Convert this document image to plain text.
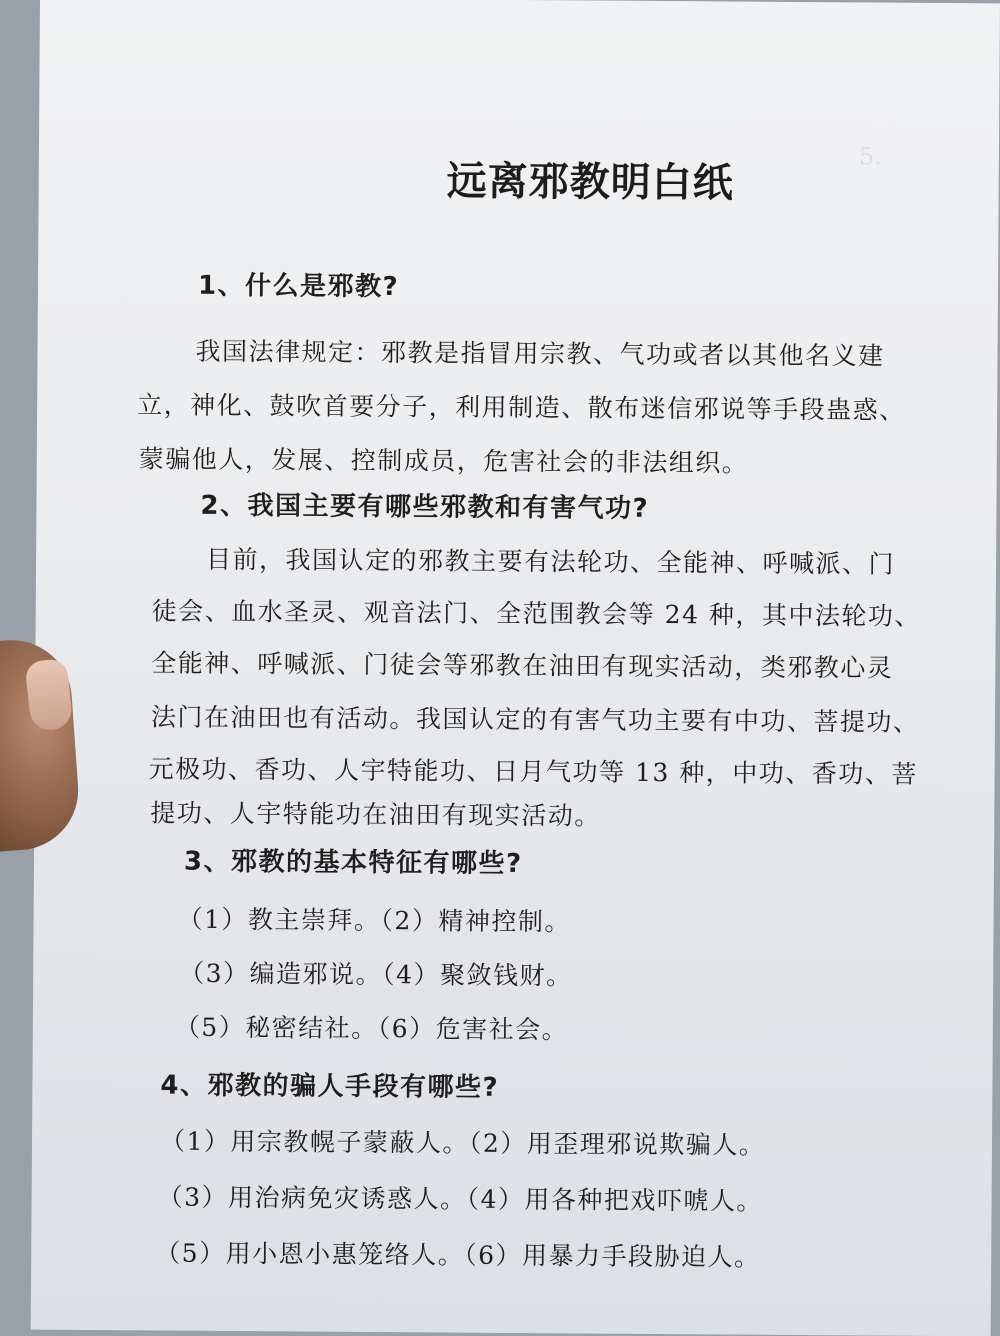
5.

远离邪教明白纸
1、什么是邪教?
我国法律规定：邪教是指冒用宗教、气功或者以其他名义建
立，神化、鼓吹首要分子，利用制造、散布迷信邪说等手段蛊惑、
蒙骗他人，发展、控制成员，危害社会的非法组织。
2、我国主要有哪些邪教和有害气功?
目前，我国认定的邪教主要有法轮功、全能神、呼喊派、门
徒会、血水圣灵、观音法门、全范围教会等 24 种，其中法轮功、
全能神、呼喊派、门徒会等邪教在油田有现实活动，类邪教心灵
法门在油田也有活动。我国认定的有害气功主要有中功、菩提功、
元极功、香功、人宇特能功、日月气功等 13 种，中功、香功、菩
提功、人宇特能功在油田有现实活动。
3、邪教的基本特征有哪些?
（1）教主崇拜。（2）精神控制。
（3）编造邪说。（4）聚敛钱财。
（5）秘密结社。（6）危害社会。
4、邪教的骗人手段有哪些?
（1）用宗教幌子蒙蔽人。（2）用歪理邪说欺骗人。
（3）用治病免灾诱惑人。（4）用各种把戏吓唬人。
（5）用小恩小惠笼络人。（6）用暴力手段胁迫人。
